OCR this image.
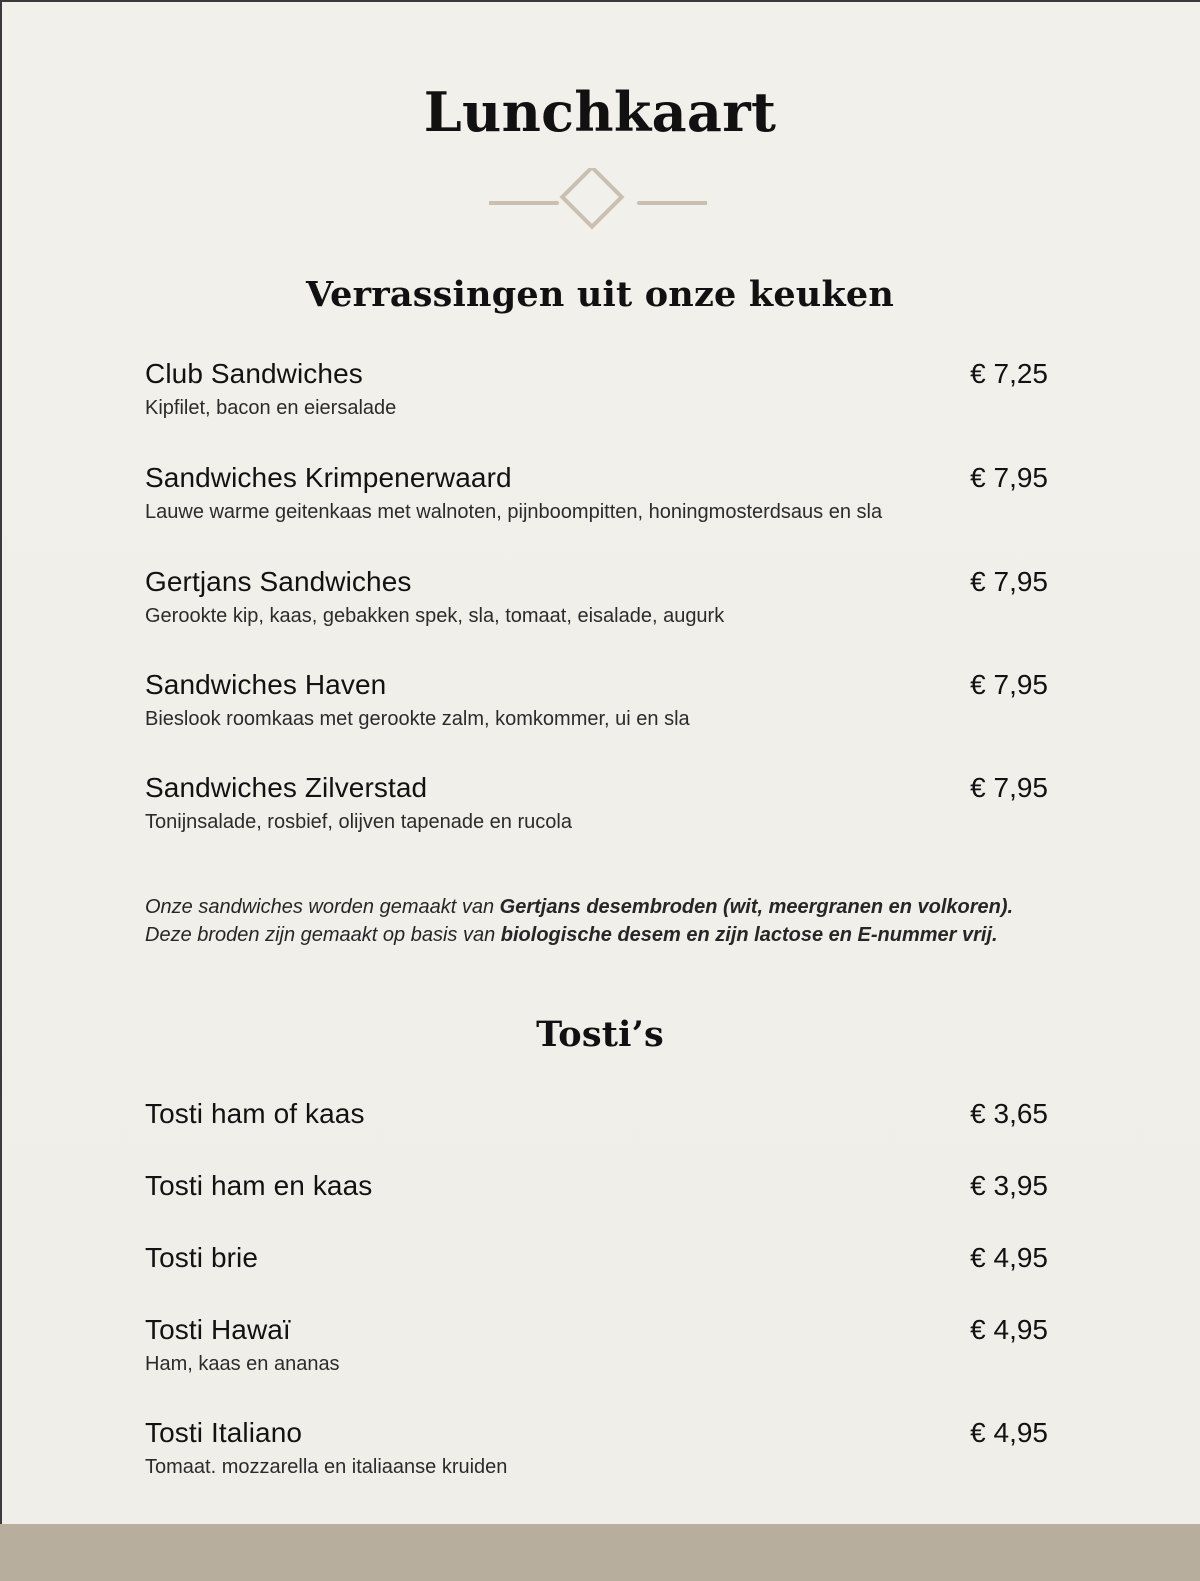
Lunchkaart
Verrassingen uit onze keuken
Club Sandwiches	€ 7,25
Kipfilet, bacon en eiersalade
Sandwiches Krimpenerwaard	€ 7,95
Lauwe warme geitenkaas met walnoten, pijnboompitten, honingmosterdsaus en sla
Gertjans Sandwiches	€ 7,95
Gerookte kip, kaas, gebakken spek, sla, tomaat, eisalade, augurk
Sandwiches Haven	€ 7,95
Bieslook roomkaas met gerookte zalm, komkommer, ui en sla
Sandwiches Zilverstad	€ 7,95
Tonijnsalade, rosbief, olijven tapenade en rucola
Onze sandwiches worden gemaakt van Gertjans desembroden (wit, meergranen en volkoren).
Deze broden zijn gemaakt op basis van biologische desem en zijn lactose en E-nummer vrij.
Tosti’s
Tosti ham of kaas	€ 3,65
Tosti ham en kaas	€ 3,95
Tosti brie	€ 4,95
Tosti Hawaï	€ 4,95
Ham, kaas en ananas
Tosti Italiano	€ 4,95
Tomaat. mozzarella en italiaanse kruiden
